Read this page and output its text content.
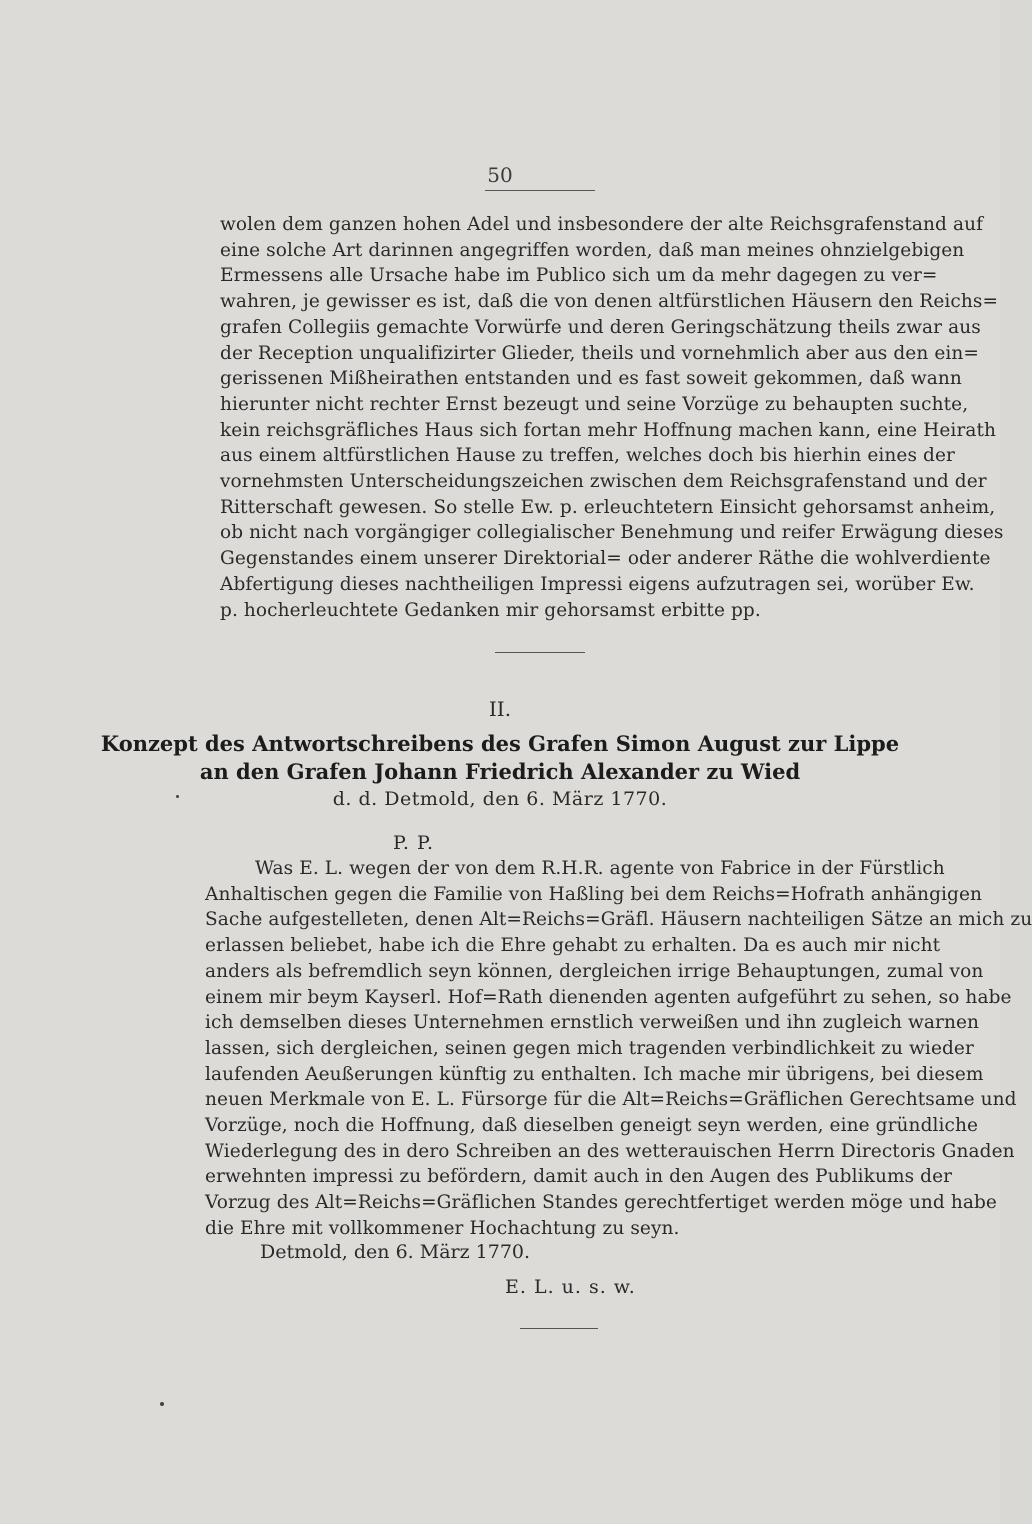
50
wolen dem ganzen hohen Adel und insbesondere der alte Reichsgrafenstand auf
eine solche Art darinnen angegriffen worden, daß man meines ohnzielgebigen
Ermessens alle Ursache habe im Publico sich um da mehr dagegen zu ver=
wahren, je gewisser es ist, daß die von denen altfürstlichen Häusern den Reichs=
grafen Collegiis gemachte Vorwürfe und deren Geringschätzung theils zwar aus
der Reception unqualifizirter Glieder, theils und vornehmlich aber aus den ein=
gerissenen Mißheirathen entstanden und es fast soweit gekommen, daß wann
hierunter nicht rechter Ernst bezeugt und seine Vorzüge zu behaupten suchte,
kein reichsgräfliches Haus sich fortan mehr Hoffnung machen kann, eine Heirath
aus einem altfürstlichen Hause zu treffen, welches doch bis hierhin eines der
vornehmsten Unterscheidungszeichen zwischen dem Reichsgrafenstand und der
Ritterschaft gewesen. So stelle Ew. p. erleuchtetern Einsicht gehorsamst anheim,
ob nicht nach vorgängiger collegialischer Benehmung und reifer Erwägung dieses
Gegenstandes einem unserer Direktorial= oder anderer Räthe die wohlverdiente
Abfertigung dieses nachtheiligen Impressi eigens aufzutragen sei, worüber Ew.
p. hocherleuchtete Gedanken mir gehorsamst erbitte pp.
II.
Konzept des Antwortschreibens des Grafen Simon August zur Lippe
an den Grafen Johann Friedrich Alexander zu Wied
d. d. Detmold, den 6. März 1770.
P. P.
Was E. L. wegen der von dem R.H.R. agente von Fabrice in der Fürstlich
Anhaltischen gegen die Familie von Haßling bei dem Reichs=Hofrath anhängigen
Sache aufgestelleten, denen Alt=Reichs=Gräfl. Häusern nachteiligen Sätze an mich zu
erlassen beliebet, habe ich die Ehre gehabt zu erhalten. Da es auch mir nicht
anders als befremdlich seyn können, dergleichen irrige Behauptungen, zumal von
einem mir beym Kayserl. Hof=Rath dienenden agenten aufgeführt zu sehen, so habe
ich demselben dieses Unternehmen ernstlich verweißen und ihn zugleich warnen
lassen, sich dergleichen, seinen gegen mich tragenden verbindlichkeit zu wieder
laufenden Aeußerungen künftig zu enthalten. Ich mache mir übrigens, bei diesem
neuen Merkmale von E. L. Fürsorge für die Alt=Reichs=Gräflichen Gerechtsame und
Vorzüge, noch die Hoffnung, daß dieselben geneigt seyn werden, eine gründliche
Wiederlegung des in dero Schreiben an des wetterauischen Herrn Directoris Gnaden
erwehnten impressi zu befördern, damit auch in den Augen des Publikums der
Vorzug des Alt=Reichs=Gräflichen Standes gerechtfertiget werden möge und habe
die Ehre mit vollkommener Hochachtung zu seyn.
Detmold, den 6. März 1770.
E. L. u. s. w.
